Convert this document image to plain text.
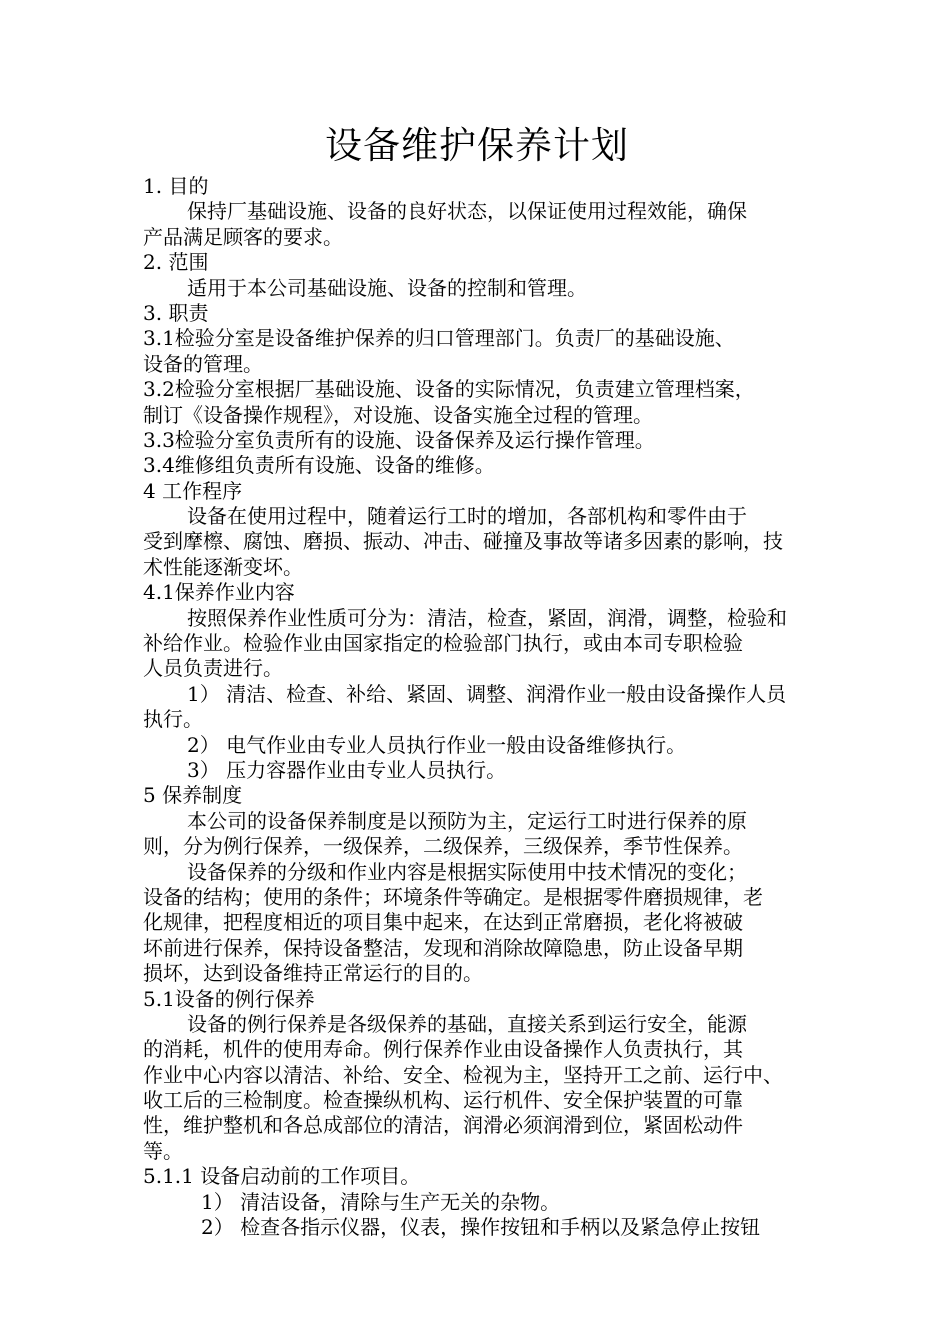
设备维护保养计划

1. 目的

保持厂基础设施、设备的良好状态，以保证使用过程效能，确保

产品满足顾客的要求。

2. 范围

适用于本公司基础设施、设备的控制和管理。

3. 职责

3.1检验分室是设备维护保养的归口管理部门。负责厂的基础设施、

设备的管理。

3.2检验分室根据厂基础设施、设备的实际情况，负责建立管理档案，

制订《设备操作规程》，对设施、设备实施全过程的管理。

3.3检验分室负责所有的设施、设备保养及运行操作管理。

3.4维修组负责所有设施、设备的维修。

4 工作程序

设备在使用过程中，随着运行工时的增加，各部机构和零件由于

受到摩檫、腐蚀、磨损、振动、冲击、碰撞及事故等诸多因素的影响，技

术性能逐渐变坏。

4.1保养作业内容

按照保养作业性质可分为：清洁，检查，紧固，润滑，调整，检验和

补给作业。检验作业由国家指定的检验部门执行，或由本司专职检验

人员负责进行。

1） 清洁、检查、补给、紧固、调整、润滑作业一般由设备操作人员

执行。

2） 电气作业由专业人员执行作业一般由设备维修执行。

3） 压力容器作业由专业人员执行。

5 保养制度

本公司的设备保养制度是以预防为主，定运行工时进行保养的原

则，分为例行保养，一级保养，二级保养，三级保养，季节性保养。

设备保养的分级和作业内容是根据实际使用中技术情况的变化；

设备的结构；使用的条件；环境条件等确定。是根据零件磨损规律，老

化规律，把程度相近的项目集中起来，在达到正常磨损，老化将被破

坏前进行保养，保持设备整洁，发现和消除故障隐患，防止设备早期

损坏，达到设备维持正常运行的目的。

5.1设备的例行保养

设备的例行保养是各级保养的基础，直接关系到运行安全，能源

的消耗，机件的使用寿命。例行保养作业由设备操作人负责执行，其

作业中心内容以清洁、补给、安全、检视为主，坚持开工之前、运行中、

收工后的三检制度。检查操纵机构、运行机件、安全保护装置的可靠

性，维护整机和各总成部位的清洁，润滑必须润滑到位，紧固松动件

等。

5.1.1 设备启动前的工作项目。

1） 清洁设备，清除与生产无关的杂物。

2） 检查各指示仪器，仪表，操作按钮和手柄以及紧急停止按钮
